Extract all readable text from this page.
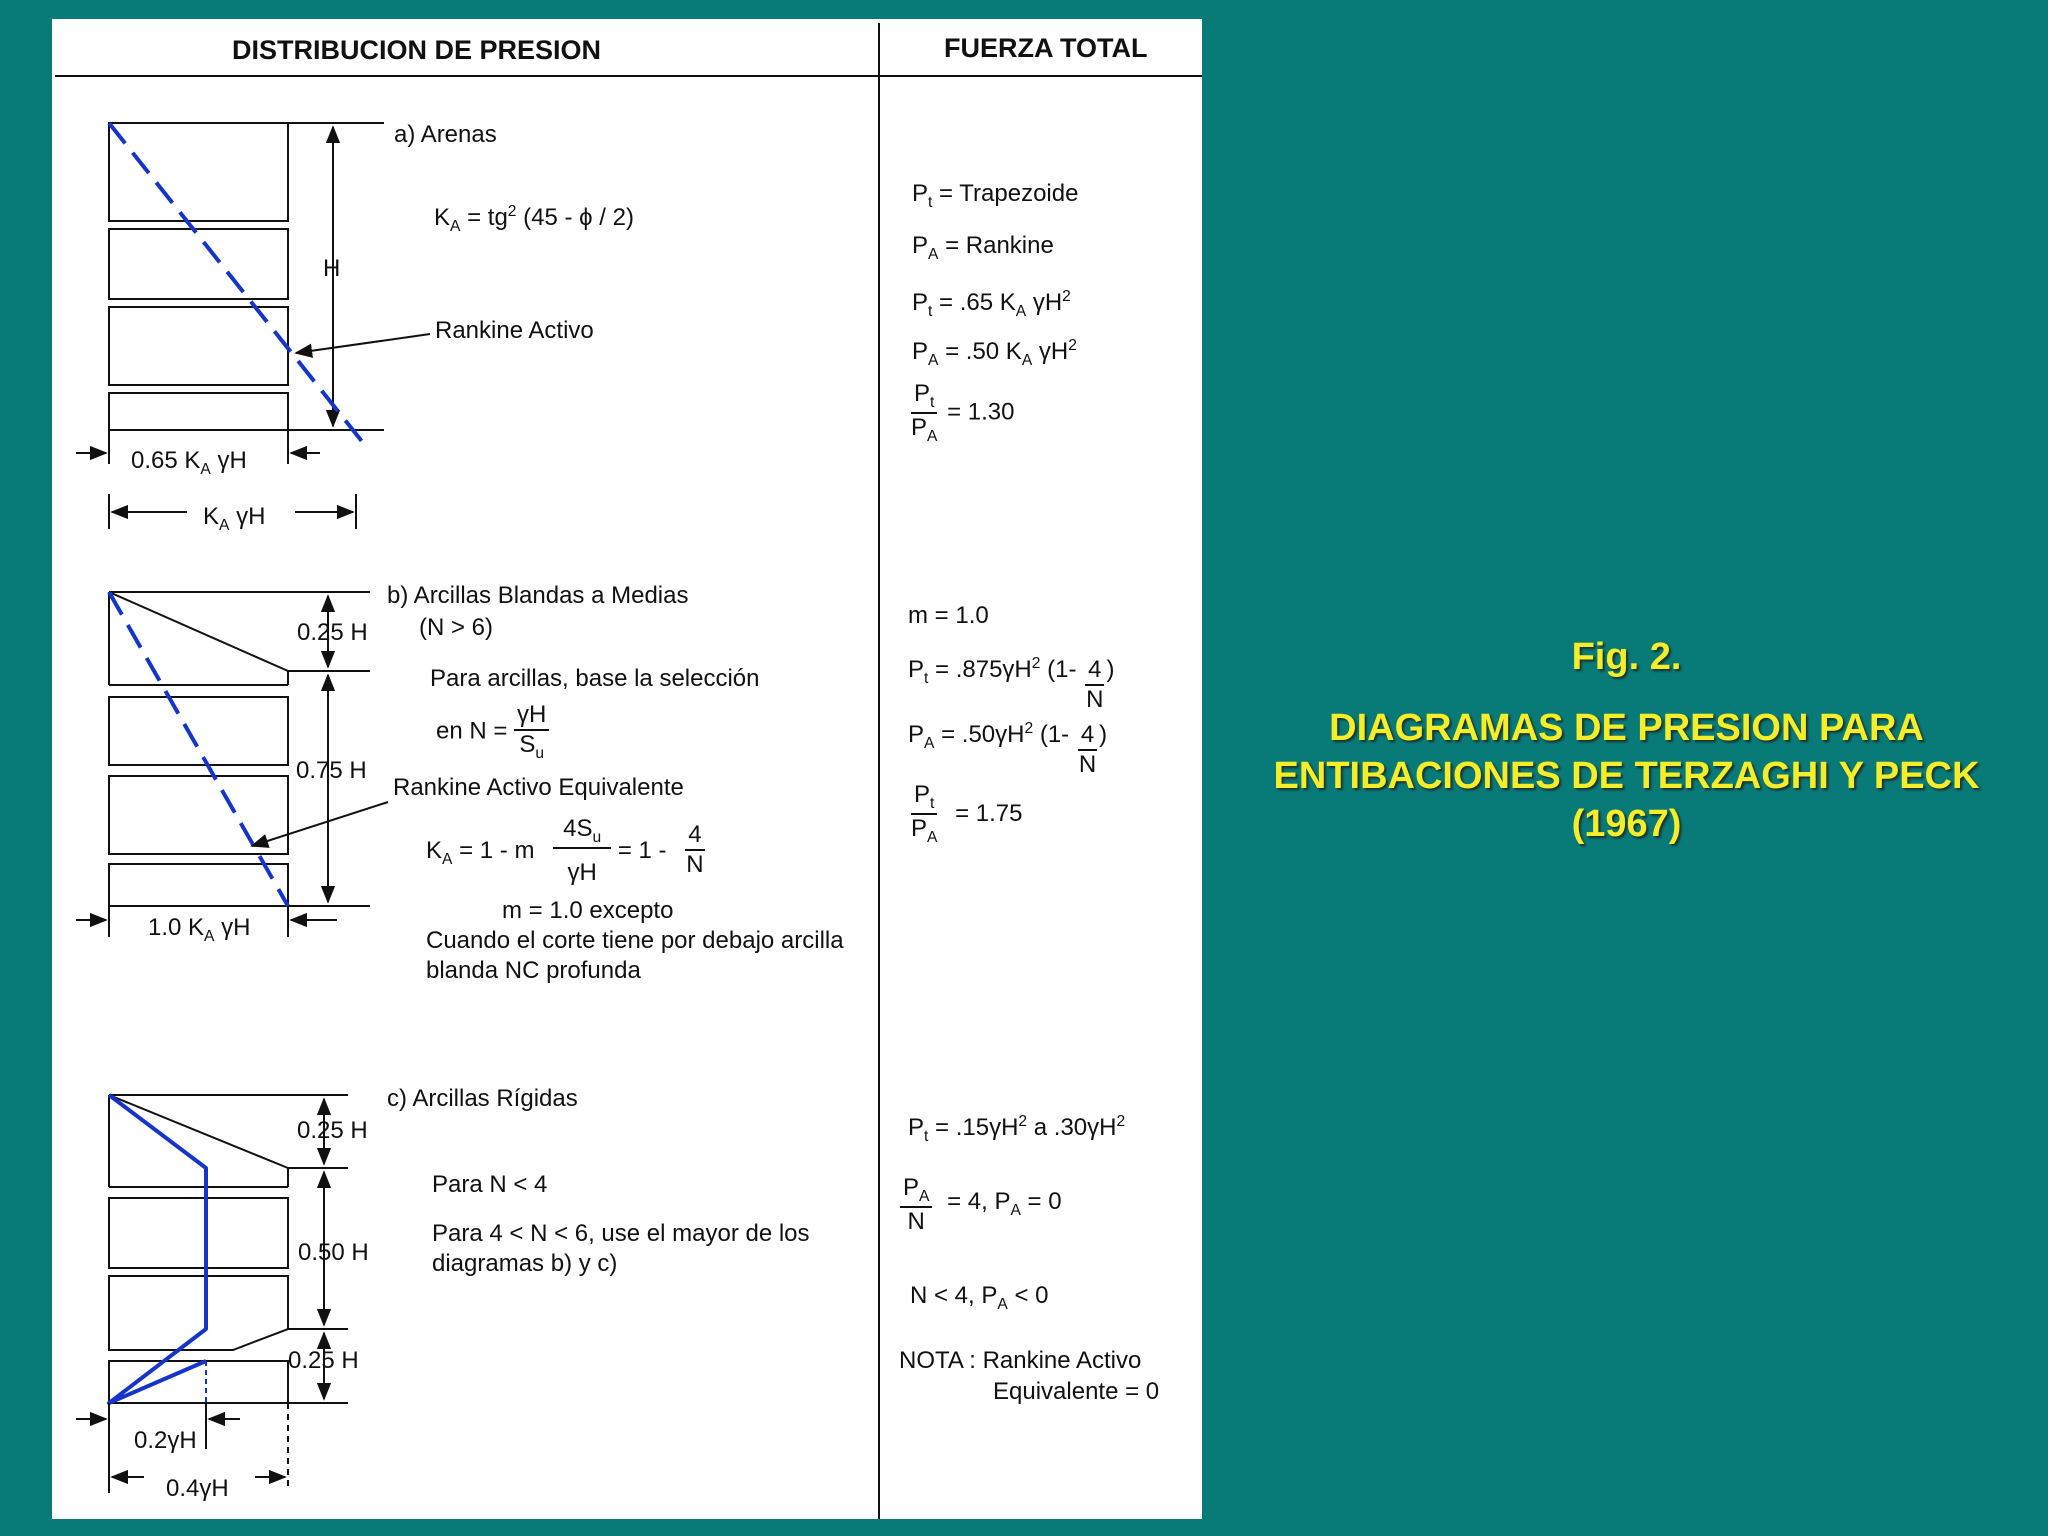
DISTRIBUCION DE PRESION	FUERZA TOTAL
a) Arenas
$K_A = tg^2$ (45 - ϕ / 2)
H
Rankine Activo
0.65 $K_A$ γH
$K_A$ γH
$P_t$ = Trapezoide
$P_A$ = Rankine
$P_t = .65$ $K_A$ $\gamma H^2$
$P_A = .50$ $K_A$ $\gamma H^2$
$\frac{P_t}{P_A} = 1.30$
b) Arcillas Blandas a Medias
(N > 6)
0.25 H
Para arcillas, base la selección
en $N = \frac{\gamma H}{S_u}$
0.75 H
Rankine Activo Equivalente
$K_A = 1 - m \frac{4S_u}{\gamma H} = 1 - \frac{4}{N}$
m = 1.0 excepto
Cuando el corte tiene por debajo arcilla
blanda NC profunda
1.0 $K_A$ γH
m = 1.0
$P_t = .875\gamma H^2$ ($1- \frac{4}{N}$ )
$P_A = .50\gamma H^2$ ($1- \frac{4}{N}$ )
$\frac{P_t}{P_A} = 1.75$
c) Arcillas Rígidas
0.25 H
Para N < 4
Para 4 < N < 6, use el mayor de los
diagramas b) y c)
0.50 H
0.25 H
0.2γH
0.4γH
$P_t = .15\gamma H^2$ a $.30\gamma H^2$
$\frac{P_A}{N} = 4$, $P_A = 0$
N < 4, $P_A < 0$
NOTA : Rankine Activo
Equivalente = 0
Fig. 2.
DIAGRAMAS DE PRESION PARA
ENTIBACIONES DE TERZAGHI Y PECK
(1967)
